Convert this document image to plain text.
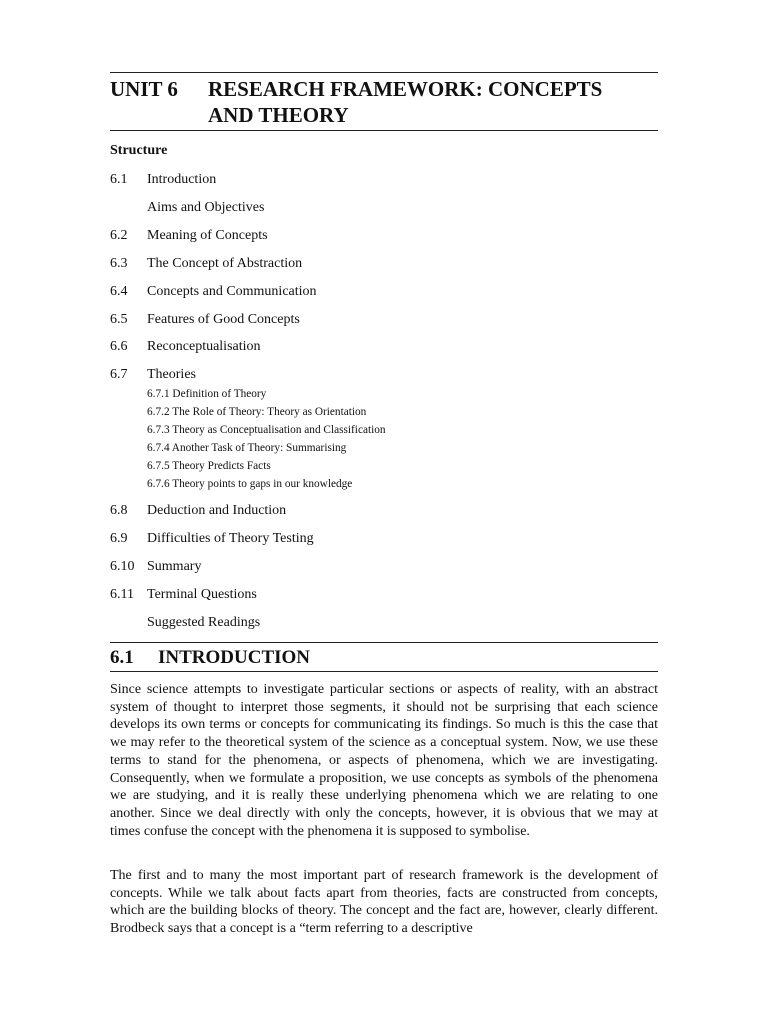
UNIT 6 RESEARCH FRAMEWORK: CONCEPTS
AND THEORY
Structure
6.1 Introduction
Aims and Objectives
6.2 Meaning of Concepts
6.3 The Concept of Abstraction
6.4 Concepts and Communication
6.5 Features of Good Concepts
6.6 Reconceptualisation
6.7 Theories
6.7.1 Definition of Theory
6.7.2 The Role of Theory: Theory as Orientation
6.7.3 Theory as Conceptualisation and Classification
6.7.4 Another Task of Theory: Summarising
6.7.5 Theory Predicts Facts
6.7.6 Theory points to gaps in our knowledge
6.8 Deduction and Induction
6.9 Difficulties of Theory Testing
6.10 Summary
6.11 Terminal Questions
Suggested Readings
6.1 INTRODUCTION

Since science attempts to investigate particular sections or aspects of reality, with an abstract system of thought to interpret those segments, it should not be surprising that each science develops its own terms or concepts for communicating its findings. So much is this the case that we may refer to the theoretical system of the science as a conceptual system. Now, we use these terms to stand for the phenomena, or aspects of phenomena, which we are investigating. Consequently, when we formulate a proposition, we use concepts as symbols of the phenomena we are studying, and it is really these underlying phenomena which we are relating to one another. Since we deal directly with only the concepts, however, it is obvious that we may at times confuse the concept with the phenomena it is supposed to symbolise.

The first and to many the most important part of research framework is the development of concepts. While we talk about facts apart from theories, facts are constructed from concepts, which are the building blocks of theory. The concept and the fact are, however, clearly different. Brodbeck says that a concept is a “term referring to a descriptive
